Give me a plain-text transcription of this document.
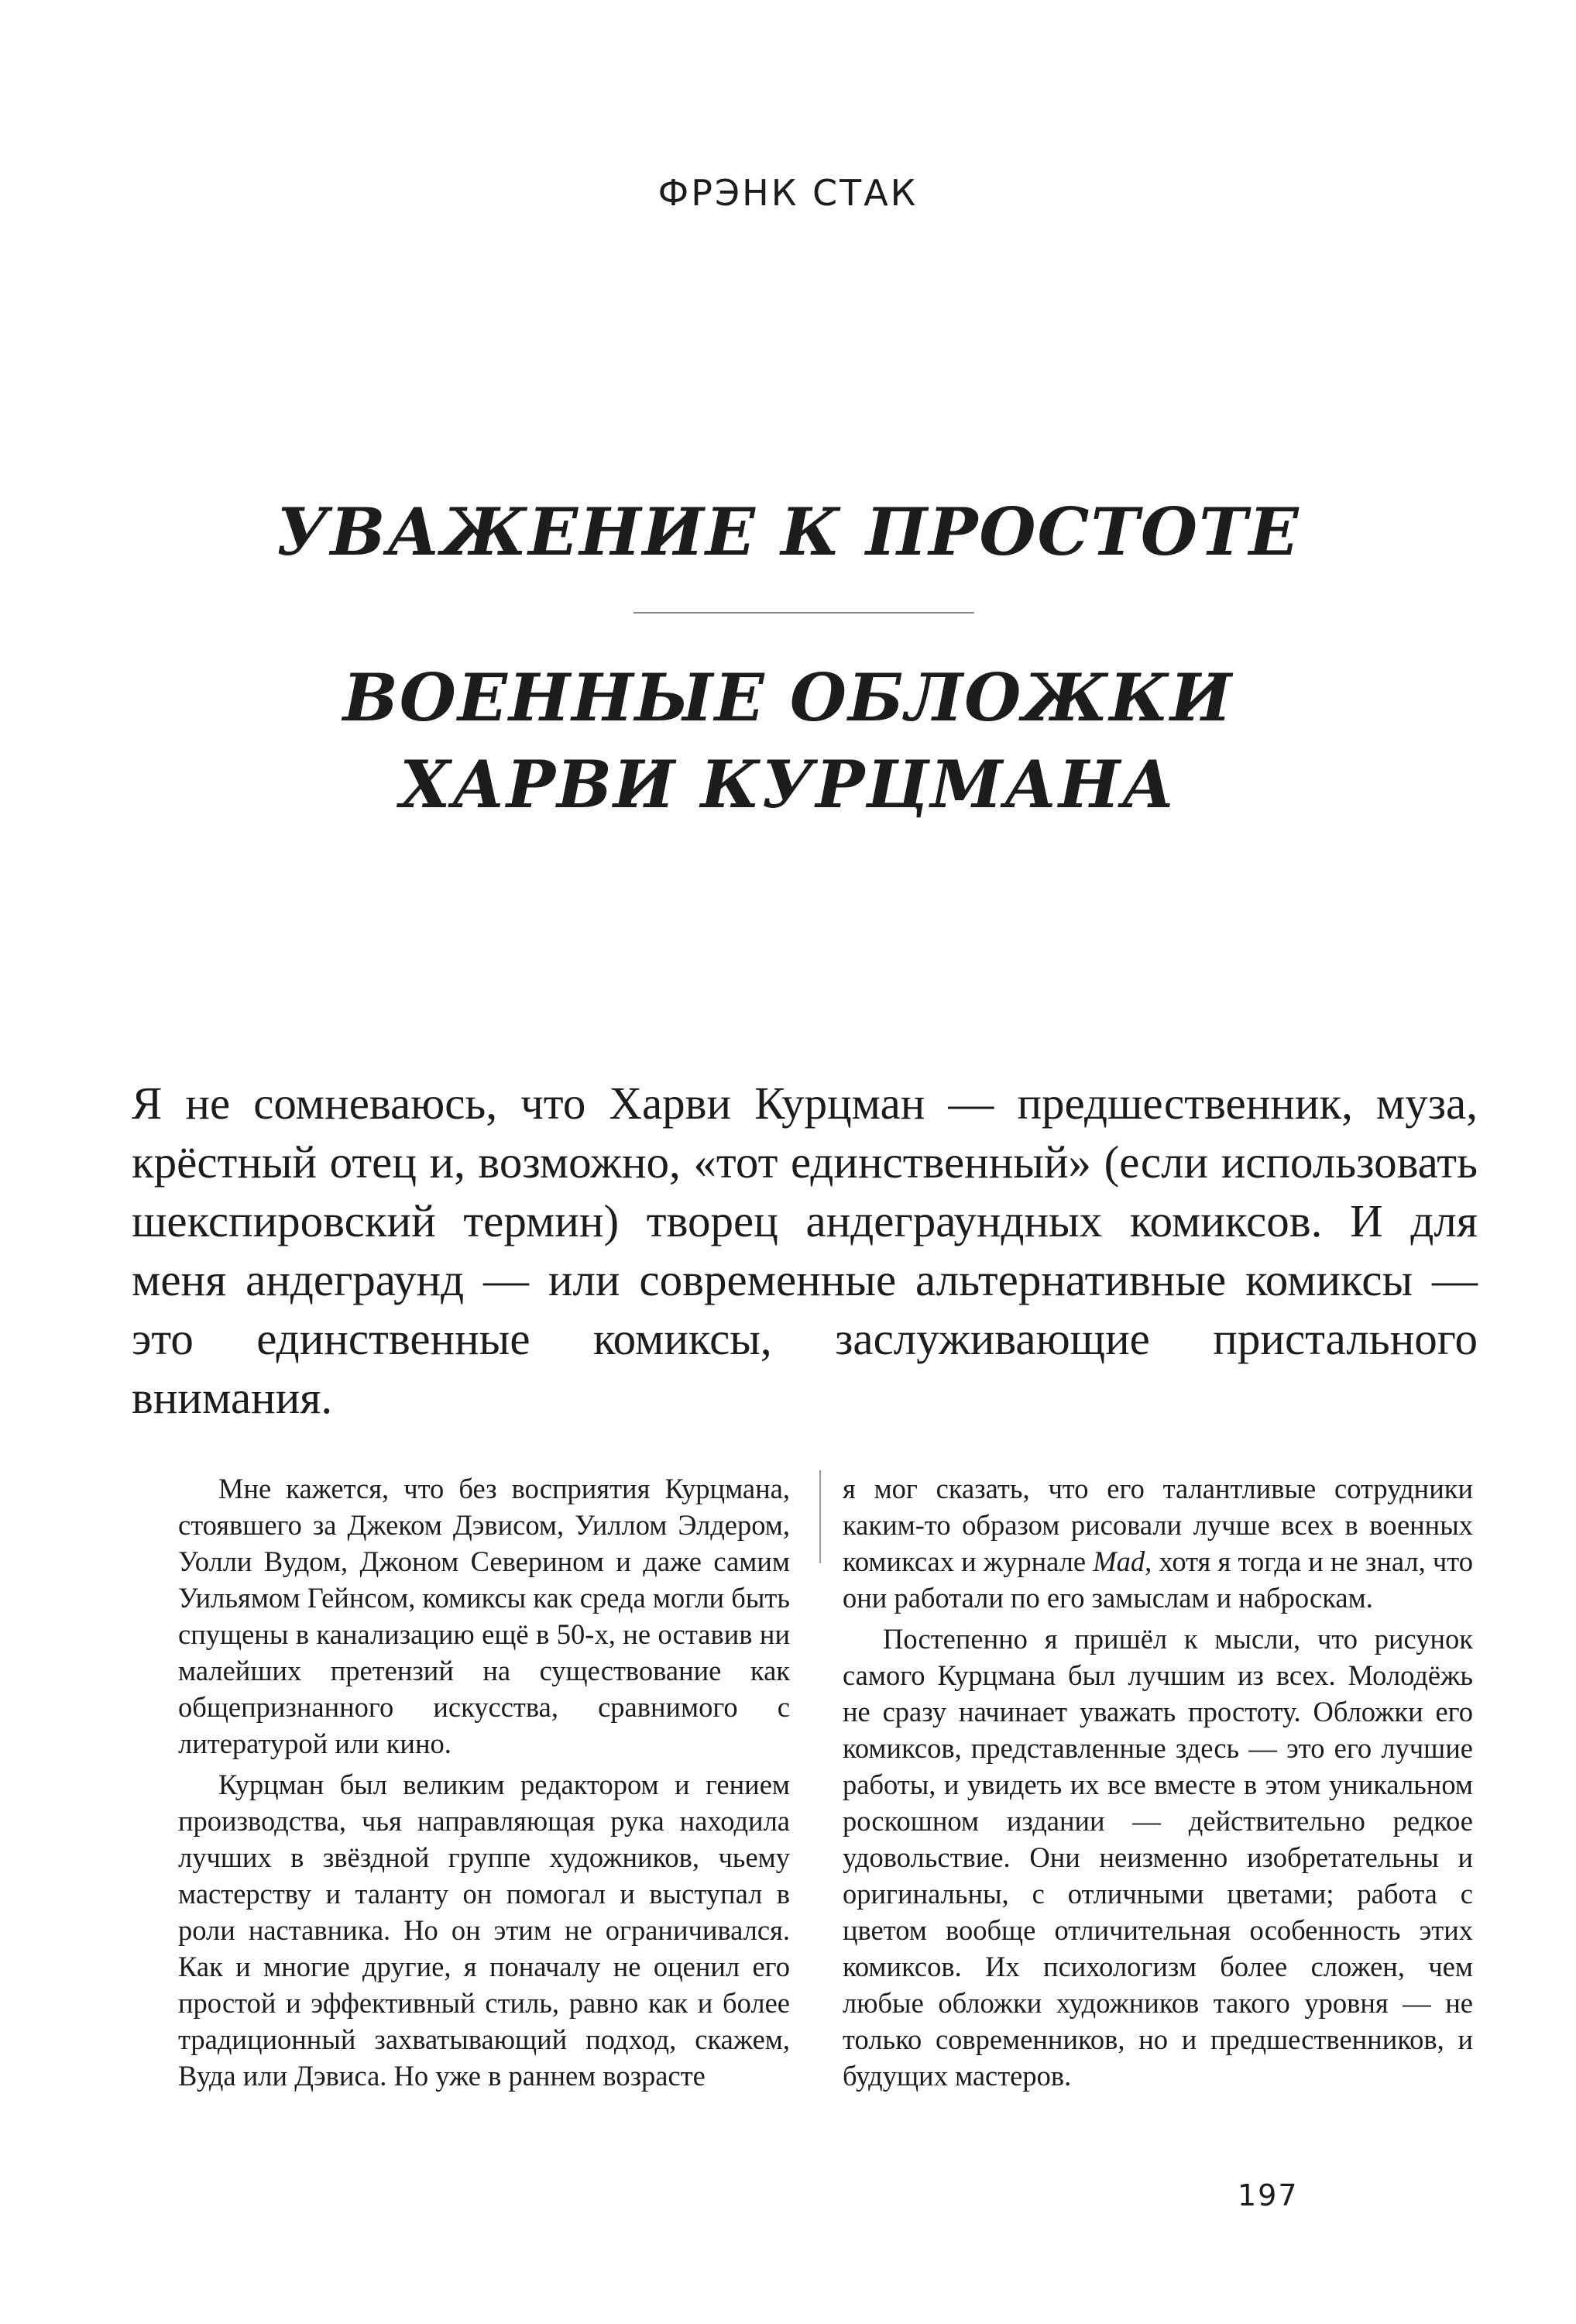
ФРЭНК СТАК
УВАЖЕНИЕ К ПРОСТОТЕ
ВОЕННЫЕ ОБЛОЖКИ
ХАРВИ КУРЦМАНА

Я не сомневаюсь, что Харви Курцман — предшественник, муза, крёстный отец и, возможно, «тот единственный» (если использовать шекспировский термин) творец андеграундных комиксов. И для меня андеграунд — или современные альтернативные комиксы — это единственные комиксы, заслуживающие пристального внимания.

Мне кажется, что без восприятия Курцмана, стоявшего за Джеком Дэвисом, Уиллом Элдером, Уолли Вудом, Джоном Северином и даже самим Уильямом Гейнсом, комиксы как среда могли быть спущены в канализацию ещё в 50-х, не оставив ни малейших претензий на существование как общепризнанного искусства, сравнимого с литературой или кино.

Курцман был великим редактором и гением производства, чья направляющая рука находила лучших в звёздной группе художников, чьему мастерству и таланту он помогал и выступал в роли наставника. Но он этим не ограничивался. Как и многие другие, я поначалу не оценил его простой и эффективный стиль, равно как и более традиционный захватывающий подход, скажем, Вуда или Дэвиса. Но уже в раннем возрасте

я мог сказать, что его талантливые сотрудники каким-то образом рисовали лучше всех в военных комиксах и журнале Mad, хотя я тогда и не знал, что они работали по его замыслам и наброскам.

Постепенно я пришёл к мысли, что рисунок самого Курцмана был лучшим из всех. Молодёжь не сразу начинает уважать простоту. Обложки его комиксов, представленные здесь — это его лучшие работы, и увидеть их все вместе в этом уникальном роскошном издании — действительно редкое удовольствие. Они неизменно изобретательны и оригинальны, с отличными цветами; работа с цветом вообще отличительная особенность этих комиксов. Их психологизм более сложен, чем любые обложки художников такого уровня — не только современников, но и предшественников, и будущих мастеров.

197
